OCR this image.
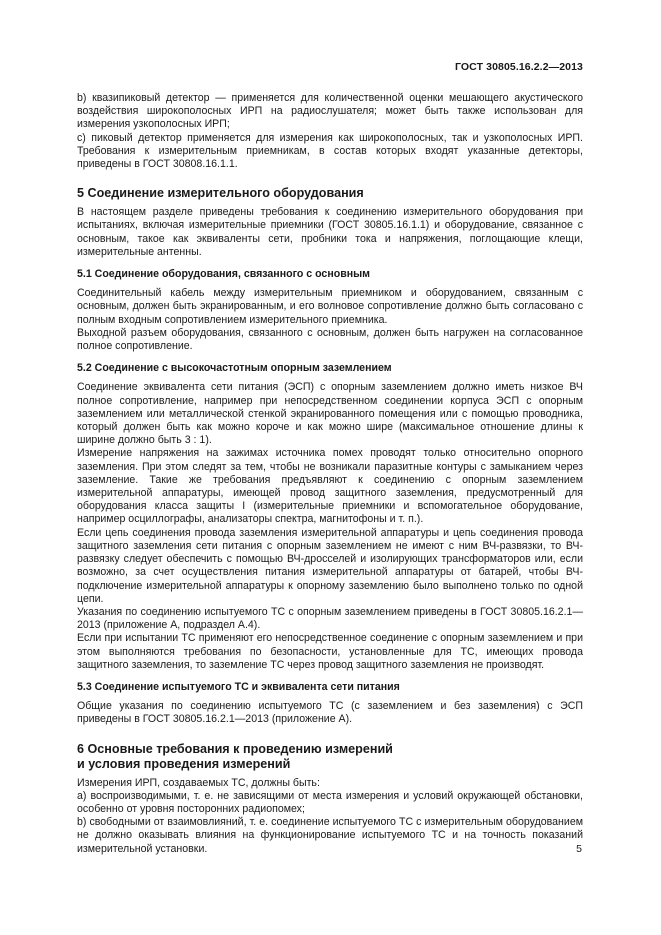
ГОСТ 30805.16.2.2—2013

b) квазипиковый детектор — применяется для количественной оценки мешающего акустического воздействия широкополосных ИРП на радиослушателя; может быть также использован для измерения узкополосных ИРП;

c) пиковый детектор применяется для измерения как широкополосных, так и узкополосных ИРП. Требования к измерительным приемникам, в состав которых входят указанные детекторы, приведены в ГОСТ 30808.16.1.1.

5 Соединение измерительного оборудования

В настоящем разделе приведены требования к соединению измерительного оборудования при испытаниях, включая измерительные приемники (ГОСТ 30805.16.1.1) и оборудование, связанное с основным, такое как эквиваленты сети, пробники тока и напряжения, поглощающие клещи, измерительные антенны.

5.1 Соединение оборудования, связанного с основным

Соединительный кабель между измерительным приемником и оборудованием, связанным с основным, должен быть экранированным, и его волновое сопротивление должно быть согласовано с полным входным сопротивлением измерительного приемника.

Выходной разъем оборудования, связанного с основным, должен быть нагружен на согласованное полное сопротивление.

5.2 Соединение с высокочастотным опорным заземлением

Соединение эквивалента сети питания (ЭСП) с опорным заземлением должно иметь низкое ВЧ полное сопротивление, например при непосредственном соединении корпуса ЭСП с опорным заземлением или металлической стенкой экранированного помещения или с помощью проводника, который должен быть как можно короче и как можно шире (максимальное отношение длины к ширине должно быть 3 : 1).

Измерение напряжения на зажимах источника помех проводят только относительно опорного заземления. При этом следят за тем, чтобы не возникали паразитные контуры с замыканием через заземление. Такие же требования предъявляют к соединению с опорным заземлением измерительной аппаратуры, имеющей провод защитного заземления, предусмотренный для оборудования класса защиты I (измерительные приемники и вспомогательное оборудование, например осциллографы, анализаторы спектра, магнитофоны и т. п.).

Если цепь соединения провода заземления измерительной аппаратуры и цепь соединения провода защитного заземления сети питания с опорным заземлением не имеют с ним ВЧ-развязки, то ВЧ-развязку следует обеспечить с помощью ВЧ-дросселей и изолирующих трансформаторов или, если возможно, за счет осуществления питания измерительной аппаратуры от батарей, чтобы ВЧ-подключение измерительной аппаратуры к опорному заземлению было выполнено только по одной цепи.

Указания по соединению испытуемого ТС с опорным заземлением приведены в ГОСТ 30805.16.2.1—2013 (приложение А, подраздел А.4).

Если при испытании ТС применяют его непосредственное соединение с опорным заземлением и при этом выполняются требования по безопасности, установленные для ТС, имеющих провода защитного заземления, то заземление ТС через провод защитного заземления не производят.

5.3 Соединение испытуемого ТС и эквивалента сети питания

Общие указания по соединению испытуемого ТС (с заземлением и без заземления) с ЭСП приведены в ГОСТ 30805.16.2.1—2013 (приложение А).

6 Основные требования к проведению измерений
и условия проведения измерений

Измерения ИРП, создаваемых ТС, должны быть:

а) воспроизводимыми, т. е. не зависящими от места измерения и условий окружающей обстановки, особенно от уровня посторонних радиопомех;

b) свободными от взаимовлияний, т. е. соединение испытуемого ТС с измерительным оборудованием не должно оказывать влияния на функционирование испытуемого ТС и на точность показаний измерительной установки.	5
